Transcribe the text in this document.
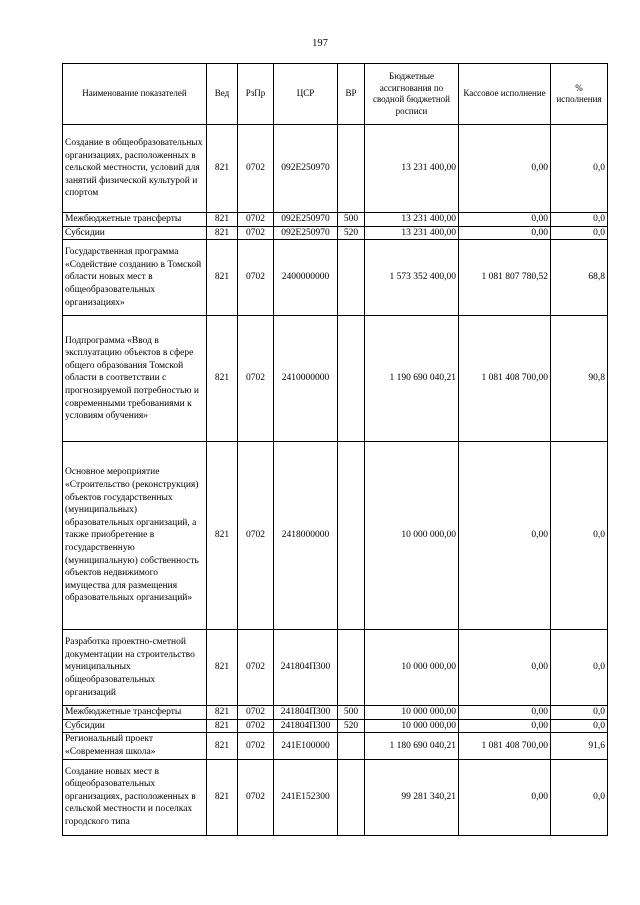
197
Наименование показателей	Вед	РзПр	ЦСР	ВР	Бюджетные ассигнования по сводной бюджетной росписи	Кассовое исполнение	% исполнения
Создание в общеобразовательных организациях, расположенных в сельской местности, условий для занятий физической культурой и спортом	821	0702	092Е250970		13 231 400,00	0,00	0,0
Межбюджетные трансферты	821	0702	092Е250970	500	13 231 400,00	0,00	0,0
Субсидии	821	0702	092Е250970	520	13 231 400,00	0,00	0,0
Государственная программа «Содействие созданию в Томской области новых мест в общеобразовательных организациях»	821	0702	2400000000		1 573 352 400,00	1 081 807 780,52	68,8
Подпрограмма «Ввод в эксплуатацию объектов в сфере общего образования Томской области в соответствии с прогнозируемой потребностью и современными требованиями к условиям обучения»	821	0702	2410000000		1 190 690 040,21	1 081 408 700,00	90,8
Основное мероприятие «Строительство (реконструкция) объектов государственных (муниципальных) образовательных организаций, а также приобретение в государственную (муниципальную) собственность объектов недвижимого имущества для размещения образовательных организаций»	821	0702	2418000000		10 000 000,00	0,00	0,0
Разработка проектно-сметной документации на строительство муниципальных общеобразовательных организаций	821	0702	241804П300		10 000 000,00	0,00	0,0
Межбюджетные трансферты	821	0702	241804П300	500	10 000 000,00	0,00	0,0
Субсидии	821	0702	241804П300	520	10 000 000,00	0,00	0,0
Региональный проект «Современная школа»	821	0702	241Е100000		1 180 690 040,21	1 081 408 700,00	91,6
Создание новых мест в общеобразовательных организациях, расположенных в сельской местности и поселках городского типа	821	0702	241Е152300		99 281 340,21	0,00	0,0
